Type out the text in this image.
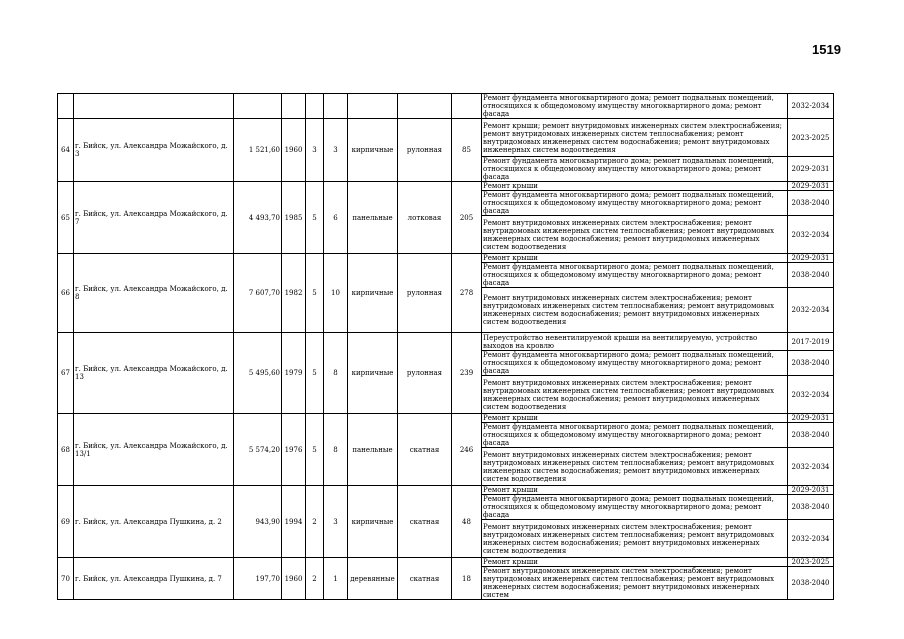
1519
									Ремонт фундамента многоквартирного дома; ремонт подвальных помещений, относящихся к общедомовому имуществу многоквартирного дома; ремонт фасада	2032-2034
64	г. Бийск, ул. Александра Можайского, д. 3	1 521,60	1960	3	3	кирпичные	рулонная	85	Ремонт крыши; ремонт внутридомовых инженерных систем электроснабжения; ремонт внутридомовых инженерных систем теплоснабжения; ремонт внутридомовых инженерных систем водоснабжения; ремонт внутридомовых инженерных систем водоотведения	2023-2025
									Ремонт фундамента многоквартирного дома; ремонт подвальных помещений, относящихся к общедомовому имуществу многоквартирного дома; ремонт фасада	2029-2031
65	г. Бийск, ул. Александра Можайского, д. 7	4 493,70	1985	5	6	панельные	лотковая	205	Ремонт крыши	2029-2031
									Ремонт фундамента многоквартирного дома; ремонт подвальных помещений, относящихся к общедомовому имуществу многоквартирного дома; ремонт фасада	2038-2040
									Ремонт внутридомовых инженерных систем электроснабжения; ремонт внутридомовых инженерных систем теплоснабжения; ремонт внутридомовых инженерных систем водоснабжения; ремонт внутридомовых инженерных систем водоотведения	2032-2034
66	г. Бийск, ул. Александра Можайского, д. 8	7 607,70	1982	5	10	кирпичные	рулонная	278	Ремонт крыши	2029-2031
									Ремонт фундамента многоквартирного дома; ремонт подвальных помещений, относящихся к общедомовому имуществу многоквартирного дома; ремонт фасада	2038-2040
									Ремонт внутридомовых инженерных систем электроснабжения; ремонт внутридомовых инженерных систем теплоснабжения; ремонт внутридомовых инженерных систем водоснабжения; ремонт внутридомовых инженерных систем водоотведения	2032-2034
67	г. Бийск, ул. Александра Можайского, д. 13	5 495,60	1979	5	8	кирпичные	рулонная	239	Переустройство невентилируемой крыши на вентилируемую, устройство выходов на кровлю	2017-2019
									Ремонт фундамента многоквартирного дома; ремонт подвальных помещений, относящихся к общедомовому имуществу многоквартирного дома; ремонт фасада	2038-2040
									Ремонт внутридомовых инженерных систем электроснабжения; ремонт внутридомовых инженерных систем теплоснабжения; ремонт внутридомовых инженерных систем водоснабжения; ремонт внутридомовых инженерных систем водоотведения	2032-2034
68	г. Бийск, ул. Александра Можайского, д. 13/1	5 574,20	1976	5	8	панельные	скатная	246	Ремонт крыши	2029-2031
									Ремонт фундамента многоквартирного дома; ремонт подвальных помещений, относящихся к общедомовому имуществу многоквартирного дома; ремонт фасада	2038-2040
									Ремонт внутридомовых инженерных систем электроснабжения; ремонт внутридомовых инженерных систем теплоснабжения; ремонт внутридомовых инженерных систем водоснабжения; ремонт внутридомовых инженерных систем водоотведения	2032-2034
69	г. Бийск, ул. Александра Пушкина, д. 2	943,90	1994	2	3	кирпичные	скатная	48	Ремонт крыши	2029-2031
									Ремонт фундамента многоквартирного дома; ремонт подвальных помещений, относящихся к общедомовому имуществу многоквартирного дома; ремонт фасада	2038-2040
									Ремонт внутридомовых инженерных систем электроснабжения; ремонт внутридомовых инженерных систем теплоснабжения; ремонт внутридомовых инженерных систем водоснабжения; ремонт внутридомовых инженерных систем водоотведения	2032-2034
70	г. Бийск, ул. Александра Пушкина, д. 7	197,70	1960	2	1	деревянные	скатная	18	Ремонт крыши	2023-2025
									Ремонт внутридомовых инженерных систем электроснабжения; ремонт внутридомовых инженерных систем теплоснабжения; ремонт внутридомовых инженерных систем водоснабжения; ремонт внутридомовых инженерных систем	2038-2040
